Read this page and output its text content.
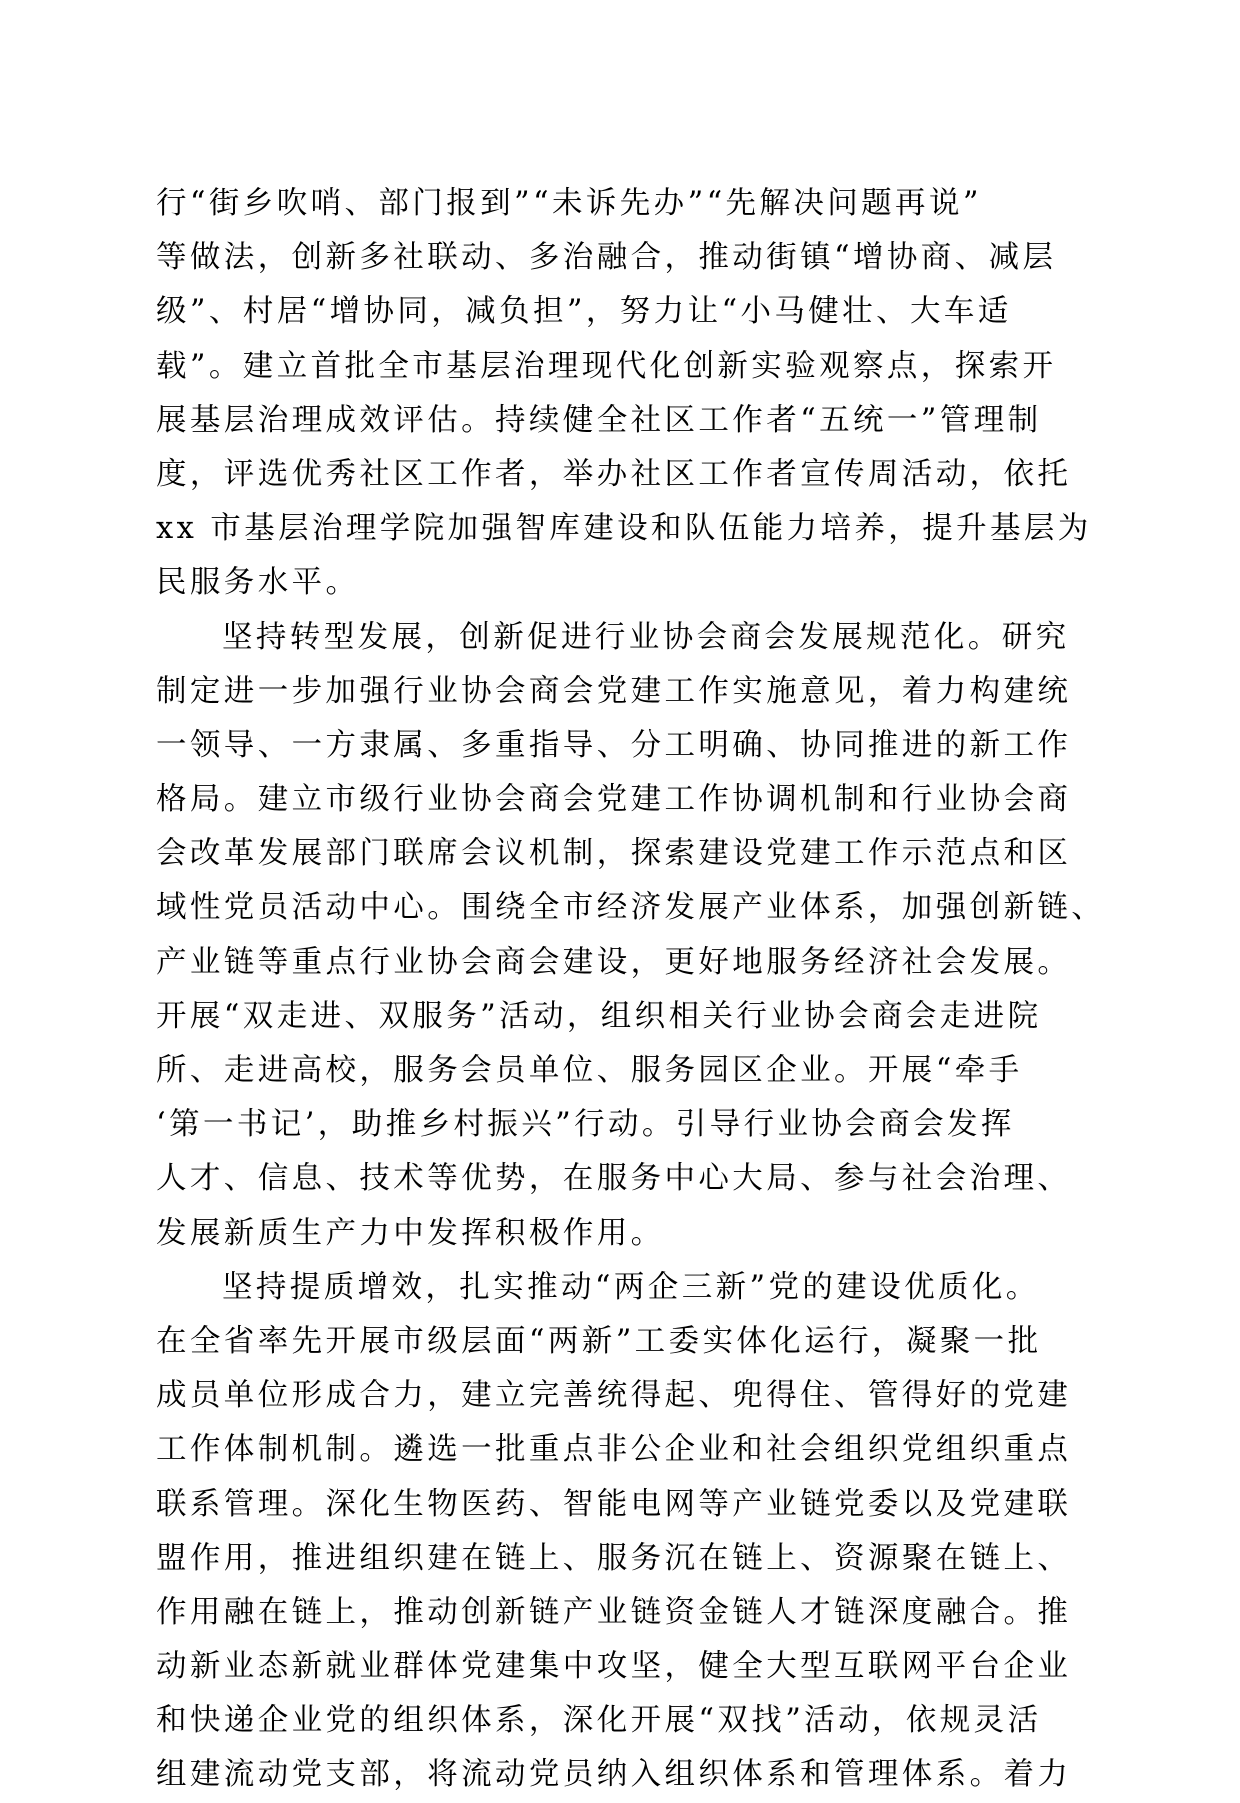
行“街乡吹哨、部门报到”“未诉先办”“先解决问题再说”
等做法，创新多社联动、多治融合，推动街镇“增协商、减层
级”、村居“增协同，减负担”，努力让“小马健壮、大车适
载”。建立首批全市基层治理现代化创新实验观察点，探索开
展基层治理成效评估。持续健全社区工作者“五统一”管理制
度，评选优秀社区工作者，举办社区工作者宣传周活动，依托
xx 市基层治理学院加强智库建设和队伍能力培养，提升基层为
民服务水平。
坚持转型发展，创新促进行业协会商会发展规范化。研究
制定进一步加强行业协会商会党建工作实施意见，着力构建统
一领导、一方隶属、多重指导、分工明确、协同推进的新工作
格局。建立市级行业协会商会党建工作协调机制和行业协会商
会改革发展部门联席会议机制，探索建设党建工作示范点和区
域性党员活动中心。围绕全市经济发展产业体系，加强创新链、
产业链等重点行业协会商会建设，更好地服务经济社会发展。
开展“双走进、双服务”活动，组织相关行业协会商会走进院
所、走进高校，服务会员单位、服务园区企业。开展“牵手
‘第一书记’，助推乡村振兴”行动。引导行业协会商会发挥
人才、信息、技术等优势，在服务中心大局、参与社会治理、
发展新质生产力中发挥积极作用。
坚持提质增效，扎实推动“两企三新”党的建设优质化。
在全省率先开展市级层面“两新”工委实体化运行，凝聚一批
成员单位形成合力，建立完善统得起、兜得住、管得好的党建
工作体制机制。遴选一批重点非公企业和社会组织党组织重点
联系管理。深化生物医药、智能电网等产业链党委以及党建联
盟作用，推进组织建在链上、服务沉在链上、资源聚在链上、
作用融在链上，推动创新链产业链资金链人才链深度融合。推
动新业态新就业群体党建集中攻坚，健全大型互联网平台企业
和快递企业党的组织体系，深化开展“双找”活动，依规灵活
组建流动党支部，将流动党员纳入组织体系和管理体系。着力
